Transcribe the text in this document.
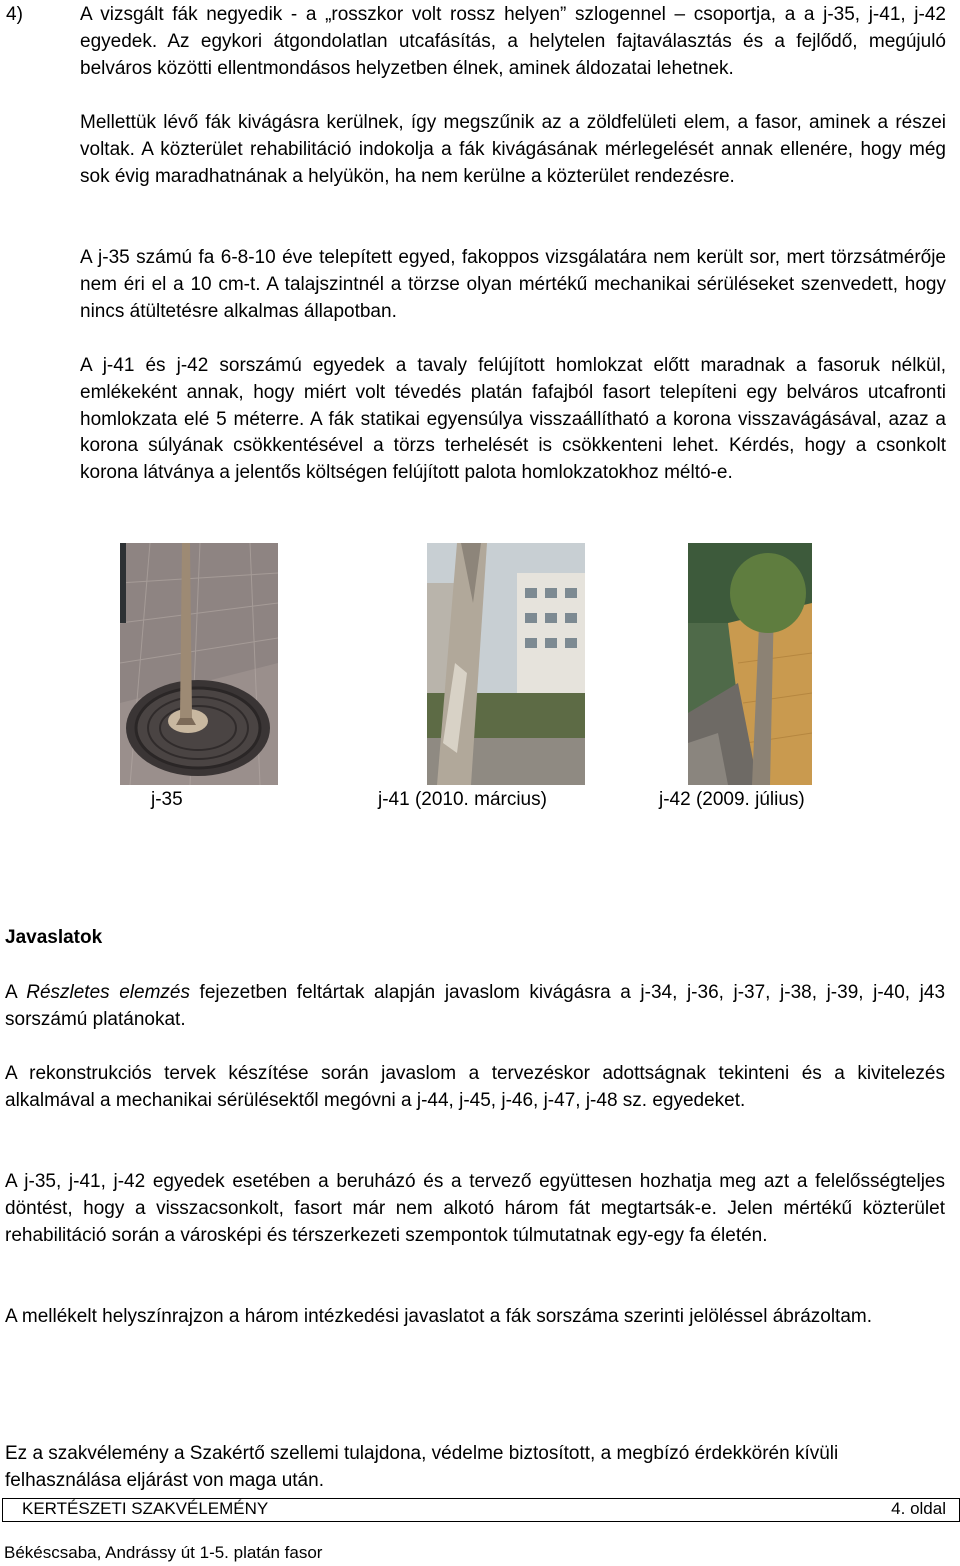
4)	A vizsgált fák negyedik - a „rosszkor volt rossz helyen” szlogennel – csoportja, a a j-35, j-41, j-42 egyedek. Az egykori átgondolatlan utcafásítás, a helytelen fajtaválasztás és a fejlődő, megújuló belváros közötti ellentmondásos helyzetben élnek, aminek áldozatai lehetnek.

Mellettük lévő fák kivágásra kerülnek, így megszűnik az a zöldfelületi elem, a fasor, aminek a részei voltak. A közterület rehabilitáció indokolja a fák kivágásának mérlegelését annak ellenére, hogy még sok évig maradhatnának a helyükön, ha nem kerülne a közterület rendezésre.

A j-35 számú fa 6-8-10 éve telepített egyed, fakoppos vizsgálatára nem került sor, mert törzsátmérője nem éri el a 10 cm-t. A talajszintnél a törzse olyan mértékű mechanikai sérüléseket szenvedett, hogy nincs átültetésre alkalmas állapotban.

A j-41 és j-42 sorszámú egyedek a tavaly felújított homlokzat előtt maradnak a fasoruk nélkül, emlékeként annak, hogy miért volt tévedés platán fafajból fasort telepíteni egy belváros utcafronti homlokzata elé 5 méterre. A fák statikai egyensúlya visszaállítható a korona visszavágásával, azaz a korona súlyának csökkentésével a törzs terhelését is csökkenteni lehet. Kérdés, hogy a csonkolt korona látványa a jelentős költségen felújított palota homlokzatokhoz méltó-e.

j-35	j-41 (2010. március)	j-42 (2009. július)
Javaslatok

A Részletes elemzés fejezetben feltártak alapján javaslom kivágásra a j-34, j-36, j-37, j-38, j-39, j-40, j43 sorszámú platánokat.

A rekonstrukciós tervek készítése során javaslom a tervezéskor adottságnak tekinteni és a kivitelezés alkalmával a mechanikai sérülésektől megóvni a j-44, j-45, j-46, j-47, j-48 sz. egyedeket.

A j-35, j-41, j-42 egyedek esetében a beruházó és a tervező együttesen hozhatja meg azt a felelősségteljes döntést, hogy a visszacsonkolt, fasort már nem alkotó három fát megtartsák-e. Jelen mértékű közterület rehabilitáció során a városképi és térszerkezeti szempontok túlmutatnak egy-egy fa életén.

A mellékelt helyszínrajzon a három intézkedési javaslatot a fák sorszáma szerinti jelöléssel ábrázoltam.

Ez a szakvélemény a Szakértő szellemi tulajdona, védelme biztosított, a megbízó érdekkörén kívüli felhasználása eljárást von maga után.

KERTÉSZETI SZAKVÉLEMÉNY	4. oldal
Békéscsaba, Andrássy út 1-5. platán fasor
